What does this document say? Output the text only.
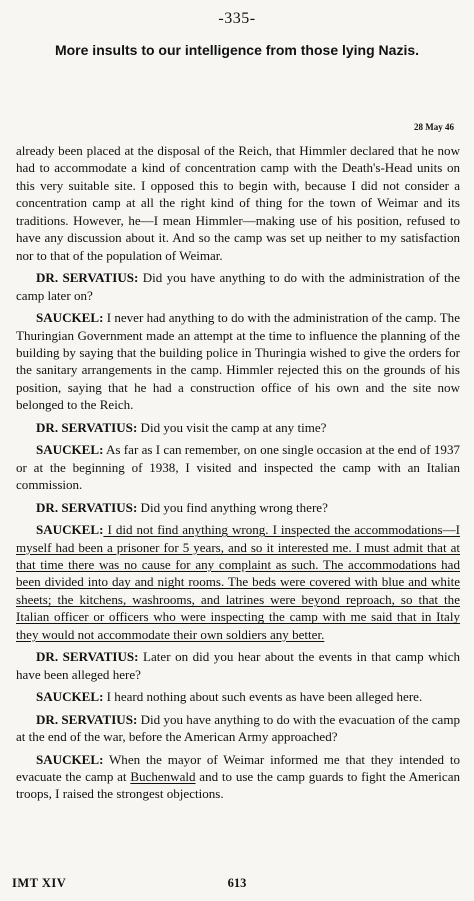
-335-
More insults to our intelligence from those lying Nazis.
28 May 46

already been placed at the disposal of the Reich, that Himmler declared that he now had to accommodate a kind of concentration camp with the Death's-Head units on this very suitable site. I opposed this to begin with, because I did not consider a concentration camp at all the right kind of thing for the town of Weimar and its traditions. However, he—I mean Himmler—making use of his position, refused to have any discussion about it. And so the camp was set up neither to my satisfaction nor to that of the population of Weimar.

DR. SERVATIUS: Did you have anything to do with the administration of the camp later on?

SAUCKEL: I never had anything to do with the administration of the camp. The Thuringian Government made an attempt at the time to influence the planning of the building by saying that the building police in Thuringia wished to give the orders for the sanitary arrangements in the camp. Himmler rejected this on the grounds of his position, saying that he had a construction office of his own and the site now belonged to the Reich.

DR. SERVATIUS: Did you visit the camp at any time?

SAUCKEL: As far as I can remember, on one single occasion at the end of 1937 or at the beginning of 1938, I visited and inspected the camp with an Italian commission.

DR. SERVATIUS: Did you find anything wrong there?

SAUCKEL: I did not find anything wrong. I inspected the accommodations—I myself had been a prisoner for 5 years, and so it interested me. I must admit that at that time there was no cause for any complaint as such. The accommodations had been divided into day and night rooms. The beds were covered with blue and white sheets; the kitchens, washrooms, and latrines were beyond reproach, so that the Italian officer or officers who were inspecting the camp with me said that in Italy they would not accommodate their own soldiers any better.

DR. SERVATIUS: Later on did you hear about the events in that camp which have been alleged here?

SAUCKEL: I heard nothing about such events as have been alleged here.

DR. SERVATIUS: Did you have anything to do with the evacuation of the camp at the end of the war, before the American Army approached?

SAUCKEL: When the mayor of Weimar informed me that they intended to evacuate the camp at Buchenwald and to use the camp guards to fight the American troops, I raised the strongest objections.

IMT XIV	613
